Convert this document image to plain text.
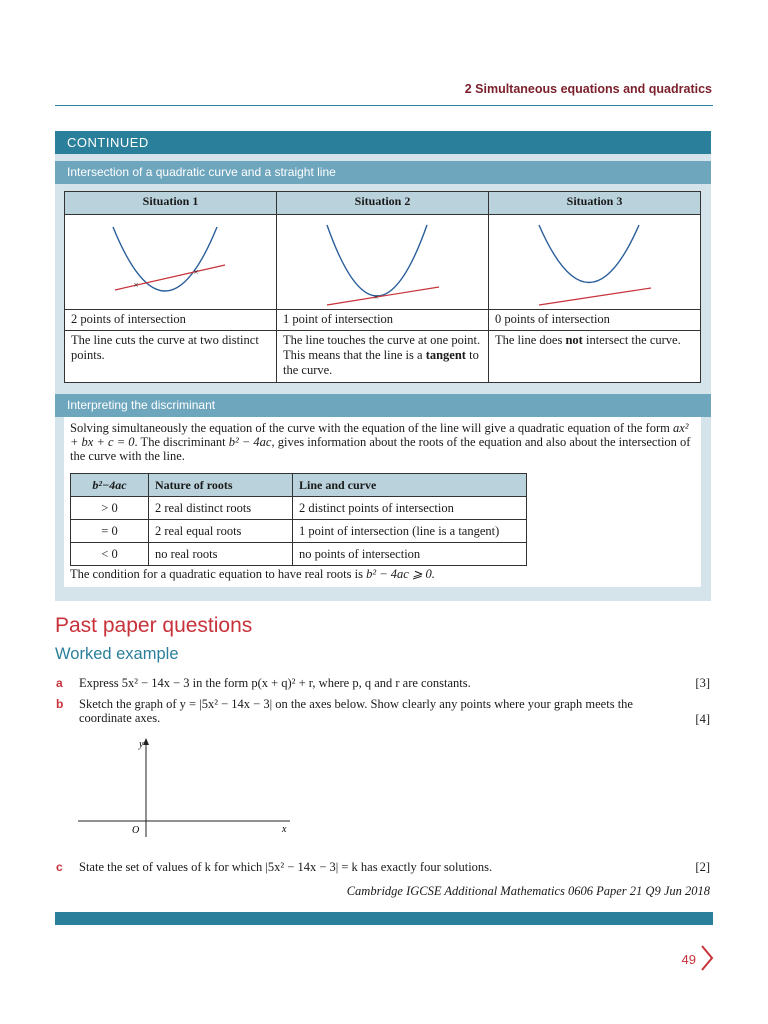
2 Simultaneous equations and quadratics
CONTINUED
Intersection of a quadratic curve and a straight line
Situation 1	Situation 2	Situation 3

×
×	×

2 points of intersection	1 point of intersection	0 points of intersection
The line cuts the curve at two distinct points.	The line touches the curve at one point. This means that the line is a tangent to the curve.	The line does not intersect the curve.
Interpreting the discriminant
Solving simultaneously the equation of the curve with the equation of the line will give a quadratic equation of the form ax² + bx + c = 0. The discriminant b² − 4ac, gives information about the roots of the equation and also about the intersection of the curve with the line.
b²−4ac	Nature of roots	Line and curve
> 0	2 real distinct roots	2 distinct points of intersection
= 0	2 real equal roots	1 point of intersection (line is a tangent)
< 0	no real roots	no points of intersection
The condition for a quadratic equation to have real roots is b² − 4ac ⩾ 0.
Past paper questions
Worked example
a Express 5x² − 14x − 3 in the form p(x + q)² + r, where p, q and r are constants.	[3]
b Sketch the graph of y = |5x² − 14x − 3| on the axes below. Show clearly any points where your graph meets the coordinate axes.	[4]
y
x
O
c State the set of values of k for which |5x² − 14x − 3| = k has exactly four solutions.	[2]
Cambridge IGCSE Additional Mathematics 0606 Paper 21 Q9 Jun 2018
49
